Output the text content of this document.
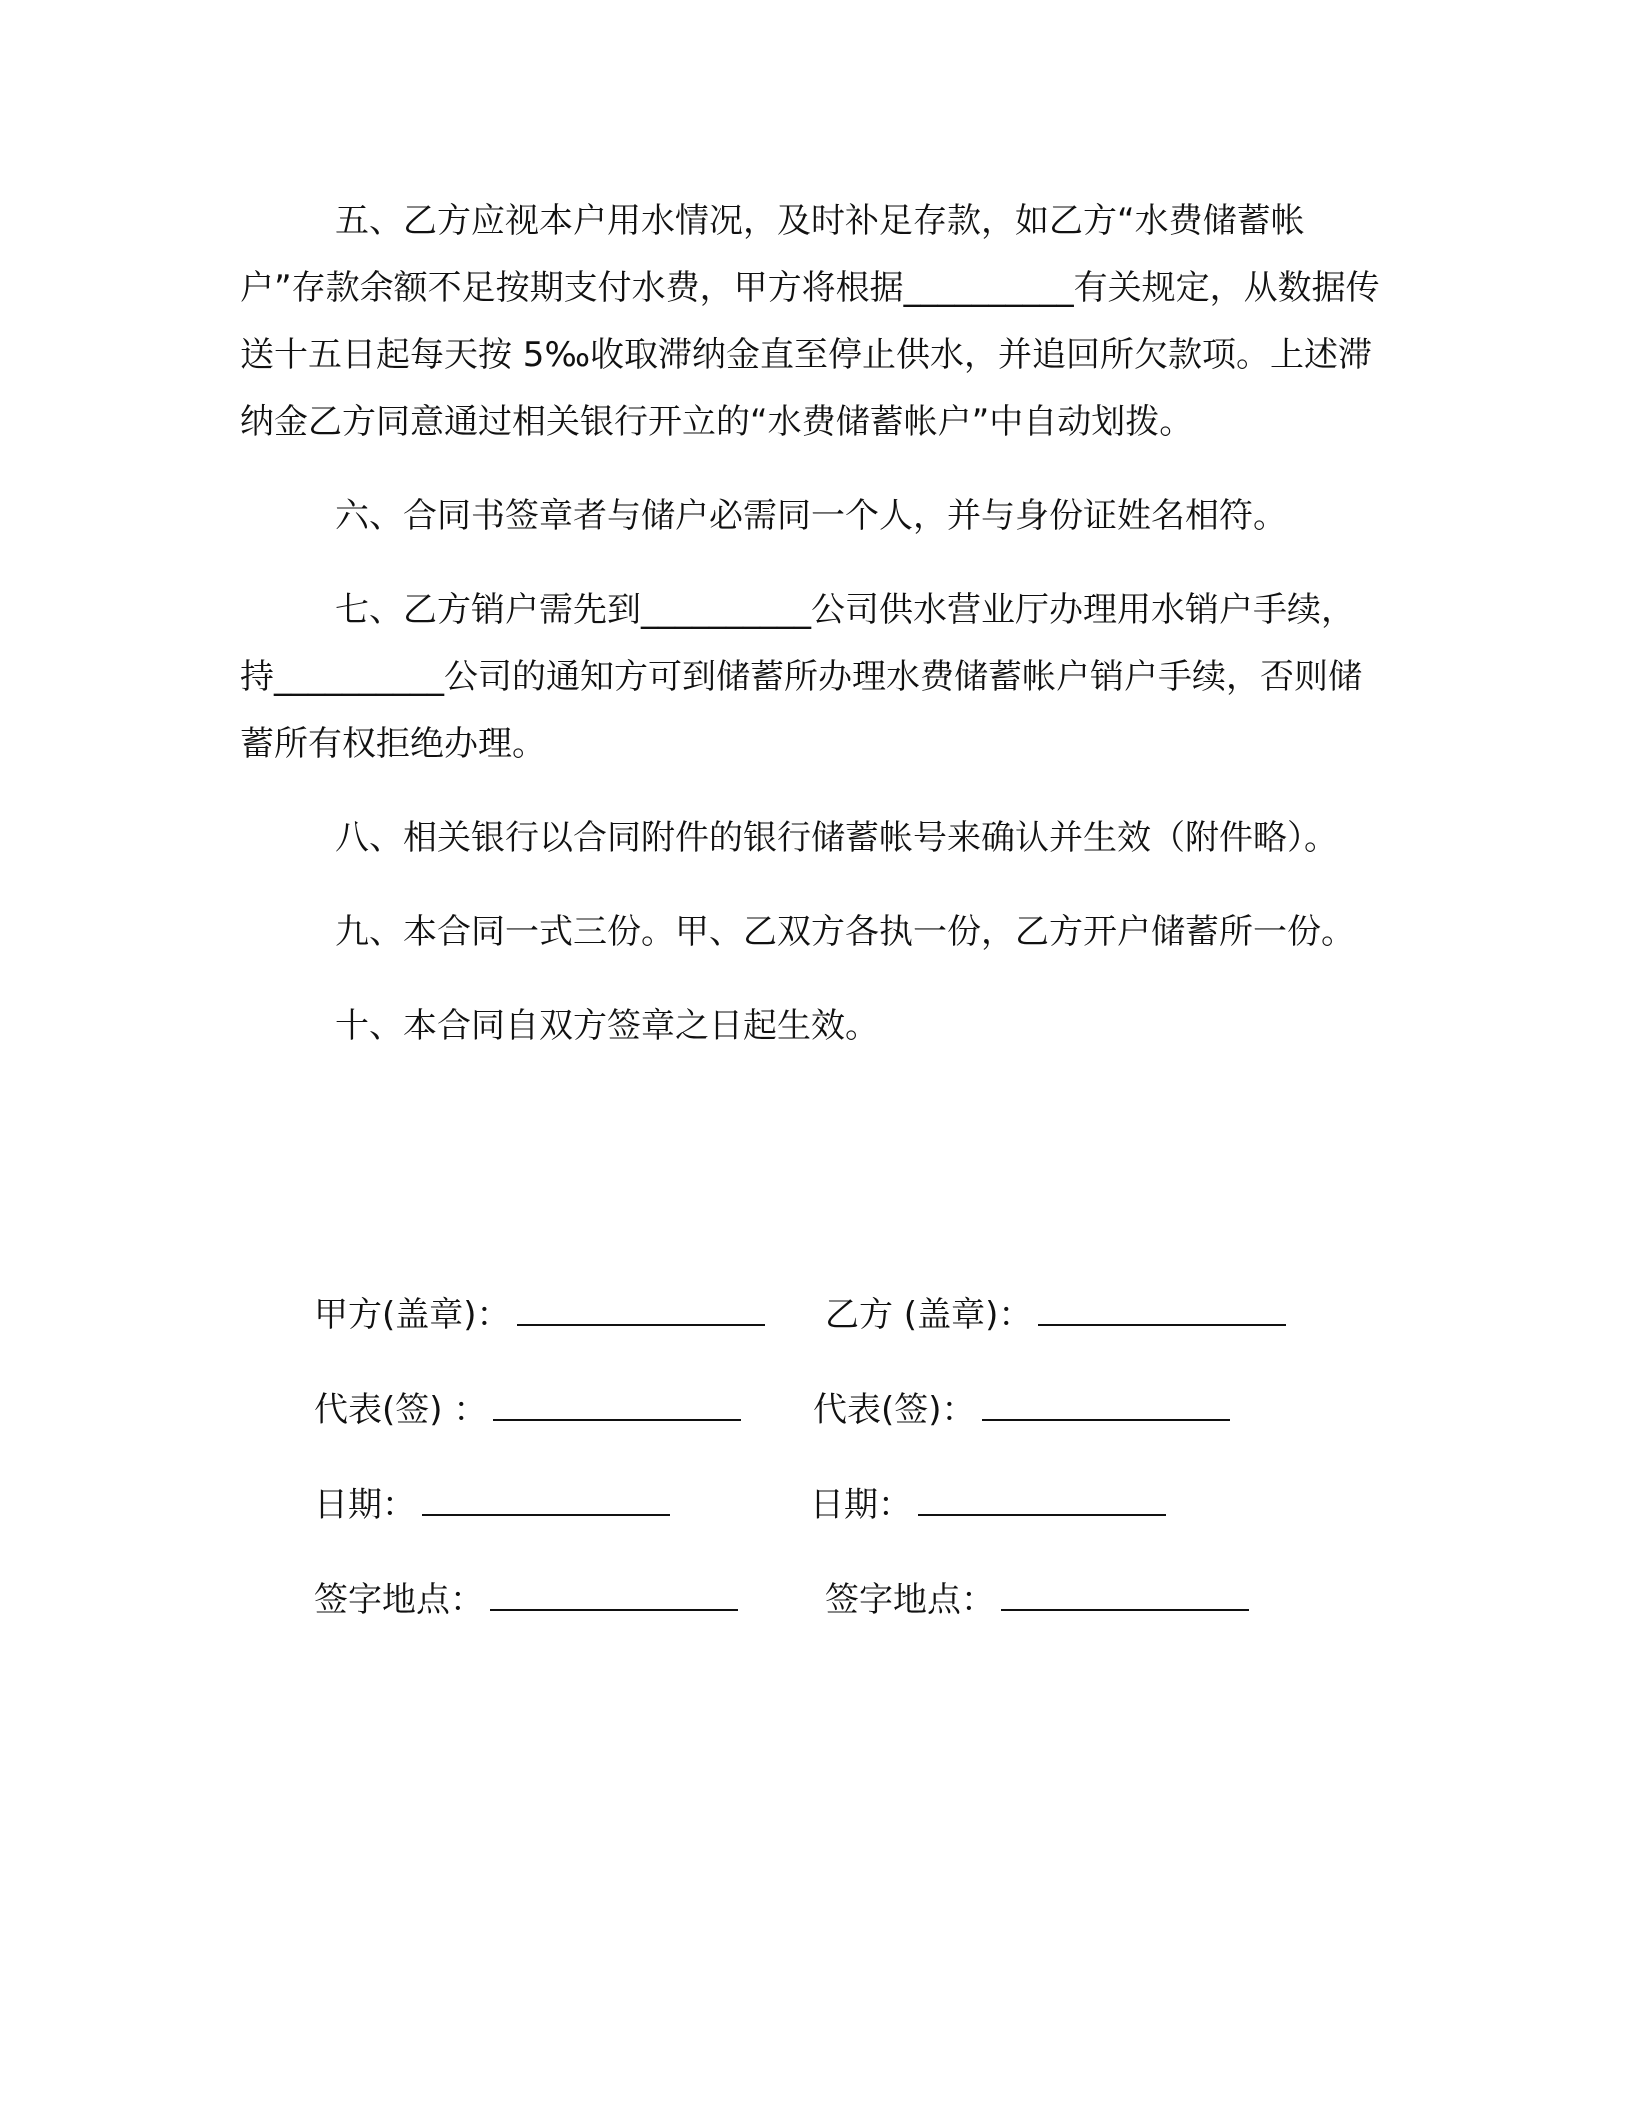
五、乙方应视本户用水情况，及时补足存款，如乙方“水费储蓄帐户”存款余额不足按期支付水费，甲方将根据__________有关规定，从数据传送十五日起每天按 5‰收取滞纳金直至停止供水，并追回所欠款项。上述滞纳金乙方同意通过相关银行开立的“水费储蓄帐户”中自动划拨。

六、合同书签章者与储户必需同一个人，并与身份证姓名相符。

七、乙方销户需先到__________公司供水营业厅办理用水销户手续，持__________公司的通知方可到储蓄所办理水费储蓄帐户销户手续，否则储蓄所有权拒绝办理。

八、相关银行以合同附件的银行储蓄帐号来确认并生效（附件略）。

九、本合同一式三份。甲、乙双方各执一份，乙方开户储蓄所一份。

十、本合同自双方签章之日起生效。

甲方(盖章)：	乙方 (盖章)：
代表(签) ：	代表(签)：
日期：	日期：
签字地点：	签字地点：
